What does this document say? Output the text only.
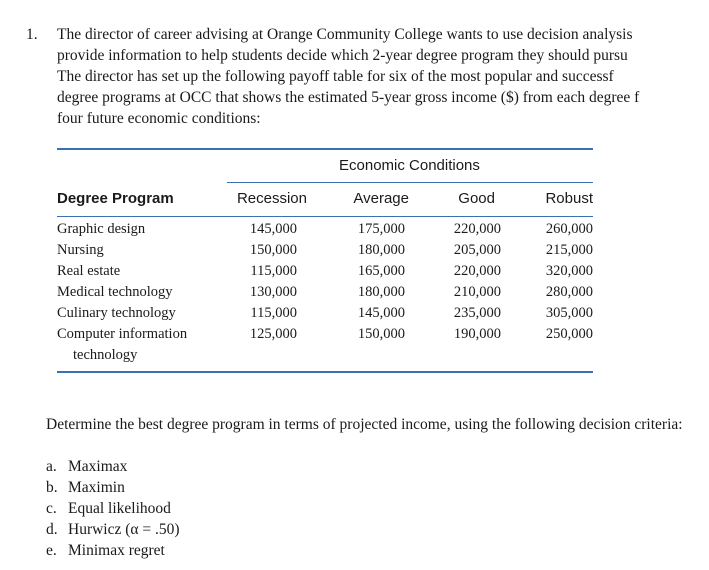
1. The director of career advising at Orange Community College wants to use decision analysis
provide information to help students decide which 2-year degree program they should pursu
The director has set up the following payoff table for six of the most popular and successf
degree programs at OCC that shows the estimated 5-year gross income ($) from each degree f
four future economic conditions:
Economic Conditions
Degree Program	Recession	Average	Good	Robust
Graphic design	145,000	175,000	220,000	260,000
Nursing	150,000	180,000	205,000	215,000
Real estate	115,000	165,000	220,000	320,000
Medical technology	130,000	180,000	210,000	280,000
Culinary technology	115,000	145,000	235,000	305,000
Computer information	125,000	150,000	190,000	250,000
technology
Determine the best degree program in terms of projected income, using the following decision criteria:
a. Maximax
b. Maximin
c. Equal likelihood
d. Hurwicz (α = .50)
e. Minimax regret
